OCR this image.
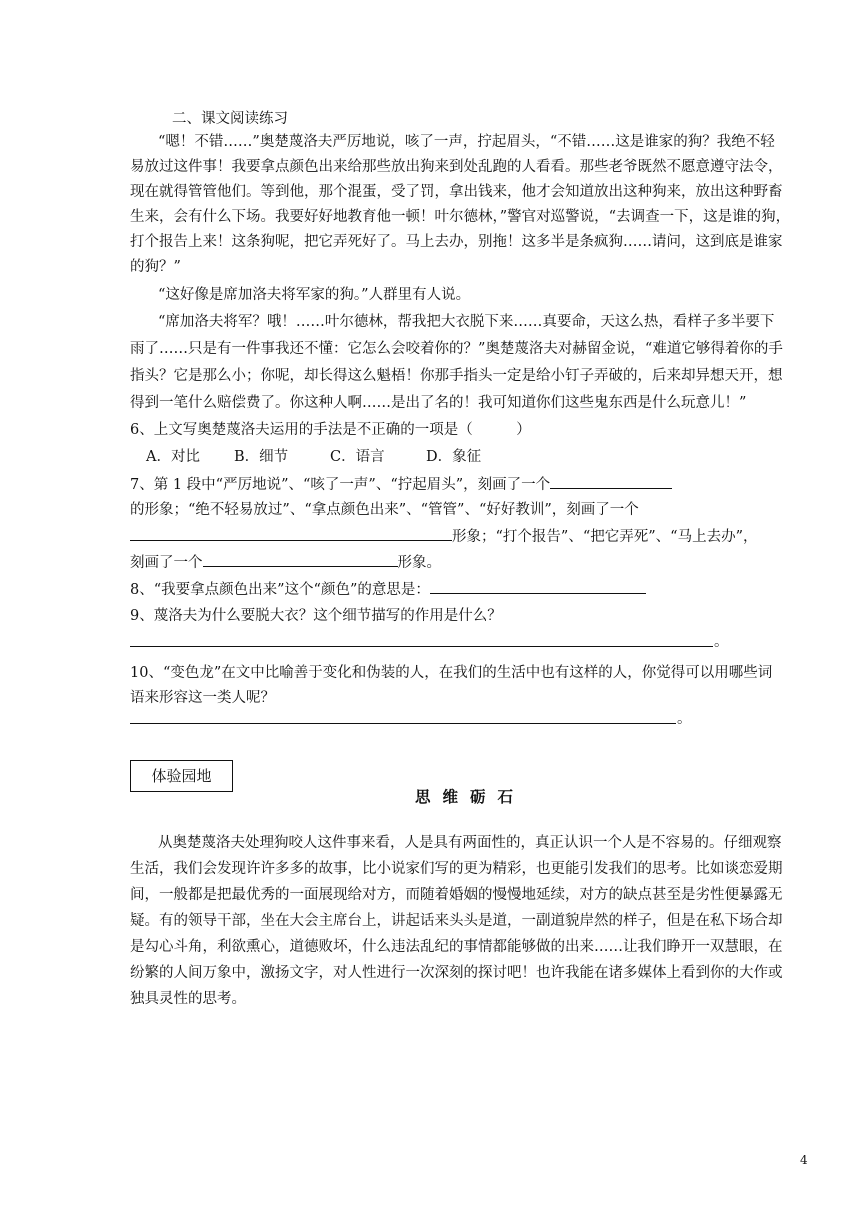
二、课文阅读练习
“嗯！不错……”奥楚蔑洛夫严厉地说，咳了一声，拧起眉头，“不错……这是谁家的狗？我绝不轻
易放过这件事！我要拿点颜色出来给那些放出狗来到处乱跑的人看看。那些老爷既然不愿意遵守法令，
现在就得管管他们。等到他，那个混蛋，受了罚，拿出钱来，他才会知道放出这种狗来，放出这种野畜
生来，会有什么下场。我要好好地教育他一顿！叶尔德林，”警官对巡警说，“去调查一下，这是谁的狗，
打个报告上来！这条狗呢，把它弄死好了。马上去办，别拖！这多半是条疯狗……请问，这到底是谁家
的狗？”
“这好像是席加洛夫将军家的狗。”人群里有人说。
“席加洛夫将军？哦！……叶尔德林，帮我把大衣脱下来……真要命，天这么热，看样子多半要下
雨了……只是有一件事我还不懂：它怎么会咬着你的？”奥楚蔑洛夫对赫留金说，“难道它够得着你的手
指头？它是那么小；你呢，却长得这么魁梧！你那手指头一定是给小钉子弄破的，后来却异想天开，想
得到一笔什么赔偿费了。你这种人啊……是出了名的！我可知道你们这些鬼东西是什么玩意儿！”
6、上文写奥楚蔑洛夫运用的手法是不正确的一项是（　　　）
A．对比	B．细节	C．语言	D．象征
7、第 1 段中“严厉地说”、“咳了一声”、“拧起眉头”，刻画了一个
的形象；“绝不轻易放过”、“拿点颜色出来”、“管管”、“好好教训”，刻画了一个
形象；“打个报告”、“把它弄死”、“马上去办”，
刻画了一个	形象。
8、“我要拿点颜色出来”这个“颜色”的意思是：
9、蔑洛夫为什么要脱大衣？这个细节描写的作用是什么？
。
10、“变色龙”在文中比喻善于变化和伪装的人，在我们的生活中也有这样的人，你觉得可以用哪些词
语来形容这一类人呢？
。
体验园地
思维砺石
从奥楚蔑洛夫处理狗咬人这件事来看，人是具有两面性的，真正认识一个人是不容易的。仔细观察
生活，我们会发现许许多多的故事，比小说家们写的更为精彩，也更能引发我们的思考。比如谈恋爱期
间，一般都是把最优秀的一面展现给对方，而随着婚姻的慢慢地延续，对方的缺点甚至是劣性便暴露无
疑。有的领导干部，坐在大会主席台上，讲起话来头头是道，一副道貌岸然的样子，但是在私下场合却
是勾心斗角，利欲熏心，道德败坏，什么违法乱纪的事情都能够做的出来……让我们睁开一双慧眼，在
纷繁的人间万象中，激扬文字，对人性进行一次深刻的探讨吧！也许我能在诸多媒体上看到你的大作或
独具灵性的思考。
4
